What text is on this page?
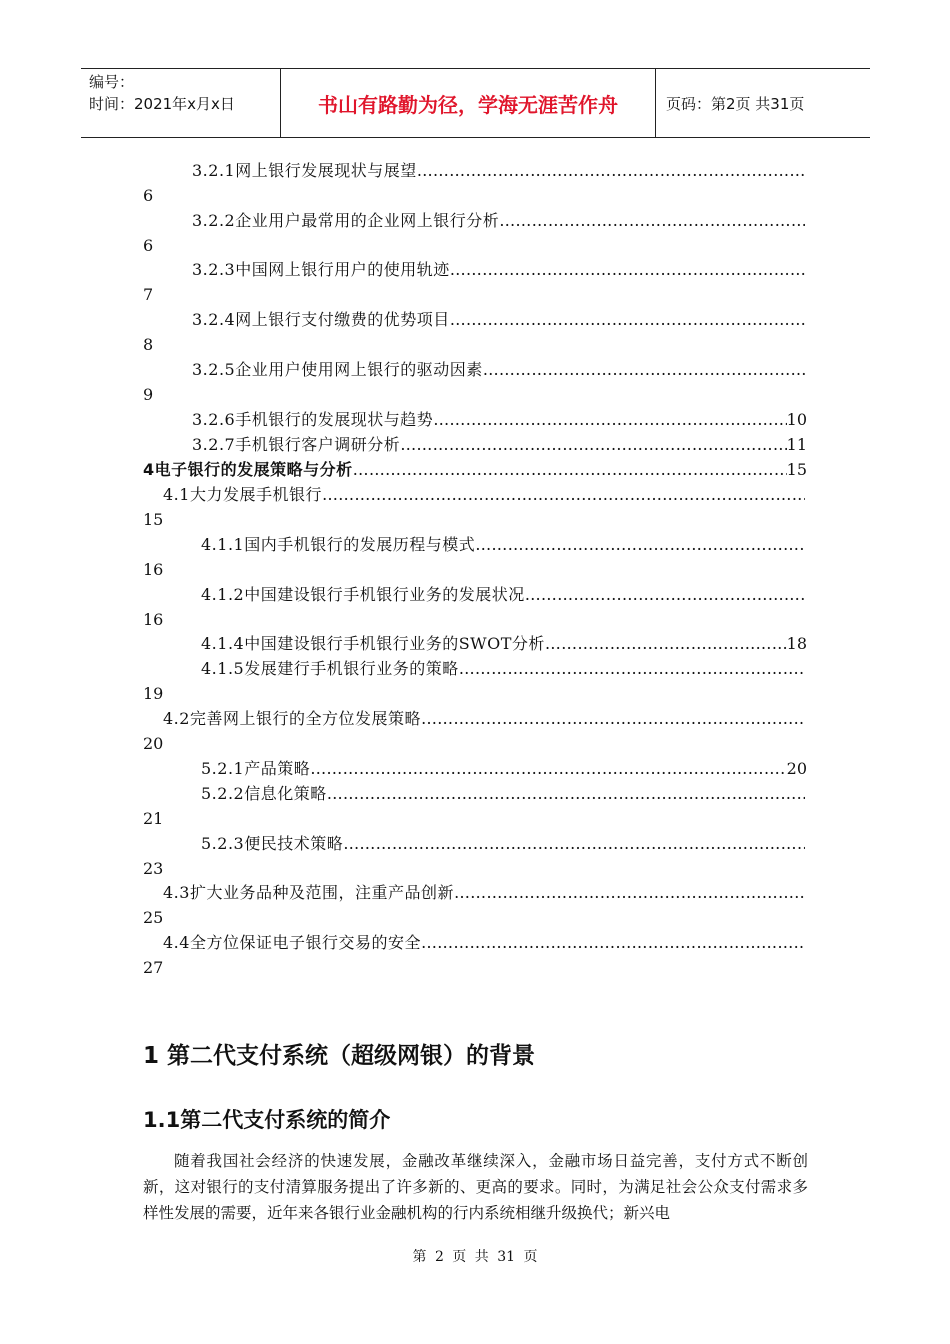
编号：
时间：2021年x月x日	书山有路勤为径，学海无涯苦作舟	页码：第2页 共31页
3.2.1网上银行发展现状与展望
…………………………………………………………………………………………………………………………
6
3.2.2企业用户最常用的企业网上银行分析
…………………………………………………………………………………………………………………………
6
3.2.3中国网上银行用户的使用轨迹
…………………………………………………………………………………………………………………………
7
3.2.4网上银行支付缴费的优势项目
…………………………………………………………………………………………………………………………
8
3.2.5企业用户使用网上银行的驱动因素
…………………………………………………………………………………………………………………………
9
3.2.6手机银行的发展现状与趋势 …………………………………………………………………………………………………………………………	10
3.2.7手机银行客户调研分析 …………………………………………………………………………………………………………………………	11
4电子银行的发展策略与分析 …………………………………………………………………………………………………………………………	15
4.1大力发展手机银行
…………………………………………………………………………………………………………………………
15
4.1.1国内手机银行的发展历程与模式
…………………………………………………………………………………………………………………………
16
4.1.2中国建设银行手机银行业务的发展状况
…………………………………………………………………………………………………………………………
16
4.1.4中国建设银行手机银行业务的SWOT分析 …………………………………………………………………………………………………………………………	18
4.1.5发展建行手机银行业务的策略
…………………………………………………………………………………………………………………………
19
4.2完善网上银行的全方位发展策略
…………………………………………………………………………………………………………………………
20
5.2.1产品策略 …………………………………………………………………………………………………………………………	20
5.2.2信息化策略
…………………………………………………………………………………………………………………………
21
5.2.3便民技术策略
…………………………………………………………………………………………………………………………
23
4.3扩大业务品种及范围，注重产品创新
…………………………………………………………………………………………………………………………
25
4.4全方位保证电子银行交易的安全
…………………………………………………………………………………………………………………………
27
1 第二代支付系统（超级网银）的背景
1.1第二代支付系统的简介
随着我国社会经济的快速发展，金融改革继续深入，金融市场日益完善，支付方式不断创新，这对银行的支付清算服务提出了许多新的、更高的要求。同时，为满足社会公众支付需求多样性发展的需要，近年来各银行业金融机构的行内系统相继升级换代；新兴电
第 2 页 共 31 页
